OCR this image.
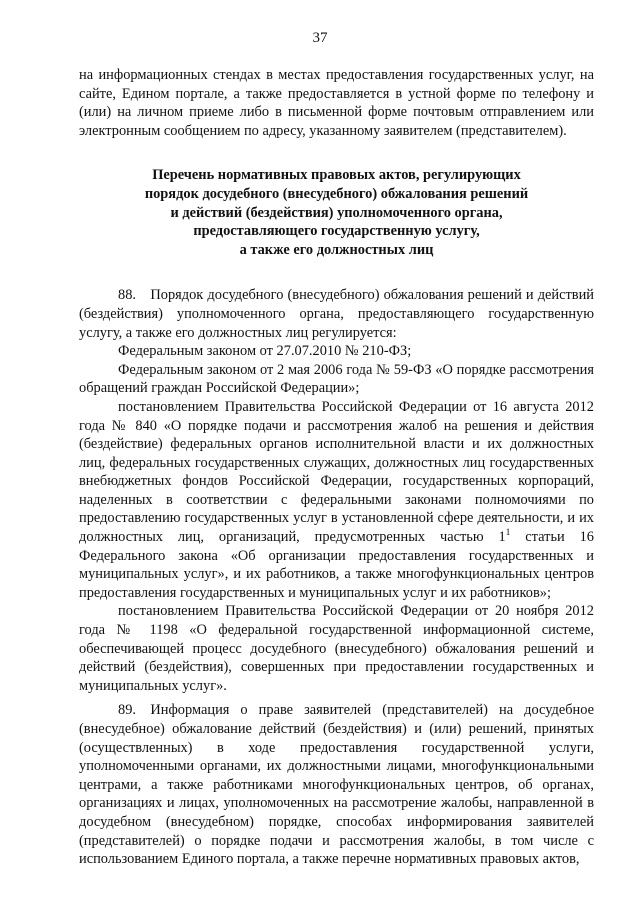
37

на информационных стендах в местах предоставления государственных услуг, на сайте, Едином портале, а также предоставляется в устной форме по телефону и (или) на личном приеме либо в письменной форме почтовым отправлением или электронным сообщением по адресу, указанному заявителем (представителем).

Перечень нормативных правовых актов, регулирующих
порядок досудебного (внесудебного) обжалования решений
и действий (бездействия) уполномоченного органа,
предоставляющего государственную услугу,
а также его должностных лиц

88. Порядок досудебного (внесудебного) обжалования решений и действий (бездействия) уполномоченного органа, предоставляющего государственную услугу, а также его должностных лиц регулируется:

Федеральным законом от 27.07.2010 № 210-ФЗ;

Федеральным законом от 2 мая 2006 года № 59-ФЗ «О порядке рассмотрения обращений граждан Российской Федерации»;

постановлением Правительства Российской Федерации от 16 августа 2012 года № 840 «О порядке подачи и рассмотрения жалоб на решения и действия (бездействие) федеральных органов исполнительной власти и их должностных лиц, федеральных государственных служащих, должностных лиц государственных внебюджетных фондов Российской Федерации, государственных корпораций, наделенных в соответствии с федеральными законами полномочиями по предоставлению государственных услуг в установленной сфере деятельности, и их должностных лиц, организаций, предусмотренных частью $1^1$ статьи 16 Федерального закона «Об организации предоставления государственных и муниципальных услуг», и их работников, а также многофункциональных центров предоставления государственных и муниципальных услуг и их работников»;

постановлением Правительства Российской Федерации от 20 ноября 2012 года № 1198 «О федеральной государственной информационной системе, обеспечивающей процесс досудебного (внесудебного) обжалования решений и действий (бездействия), совершенных при предоставлении государственных и муниципальных услуг».

89. Информация о праве заявителей (представителей) на досудебное (внесудебное) обжалование действий (бездействия) и (или) решений, принятых (осуществленных) в ходе предоставления государственной услуги, уполномоченными органами, их должностными лицами, многофункциональными центрами, а также работниками многофункциональных центров, об органах, организациях и лицах, уполномоченных на рассмотрение жалобы, направленной в досудебном (внесудебном) порядке, способах информирования заявителей (представителей) о порядке подачи и рассмотрения жалобы, в том числе с использованием Единого портала, а также перечне нормативных правовых актов,
